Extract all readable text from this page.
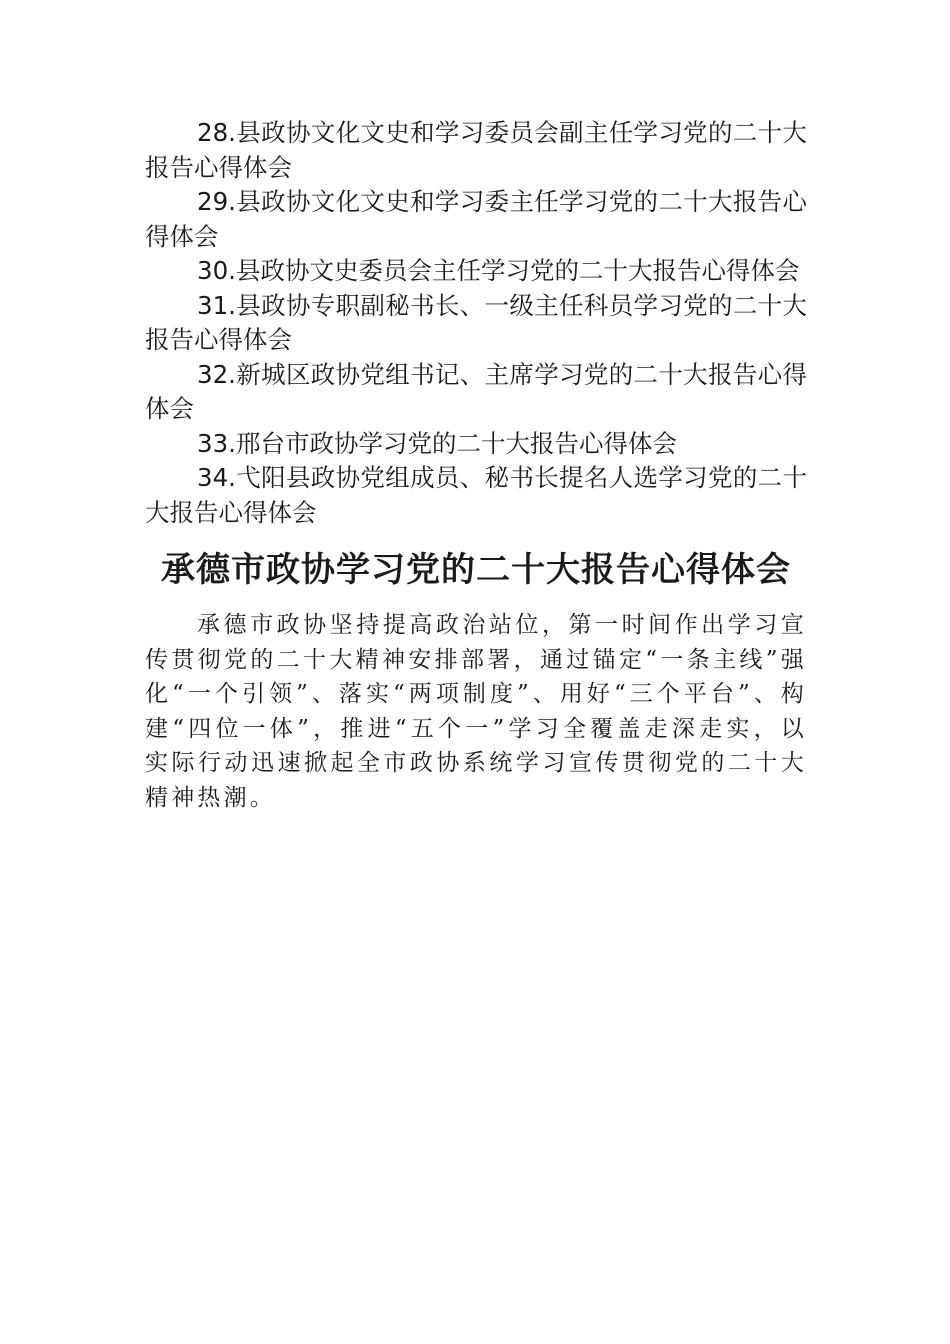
28.县政协文化文史和学习委员会副主任学习党的二十大报告心得体会
29.县政协文化文史和学习委主任学习党的二十大报告心得体会
30.县政协文史委员会主任学习党的二十大报告心得体会
31.县政协专职副秘书长、一级主任科员学习党的二十大报告心得体会
32.新城区政协党组书记、主席学习党的二十大报告心得体会
33.邢台市政协学习党的二十大报告心得体会
34.弋阳县政协党组成员、秘书长提名人选学习党的二十大报告心得体会
承德市政协学习党的二十大报告心得体会

承德市政协坚持提高政治站位，第一时间作出学习宣传贯彻党的二十大精神安排部署，通过锚定“一条主线”强化“一个引领”、落实“两项制度”、用好“三个平台”、构建“四位一体”，推进“五个一”学习全覆盖走深走实，以实际行动迅速掀起全市政协系统学习宣传贯彻党的二十大精神热潮。
